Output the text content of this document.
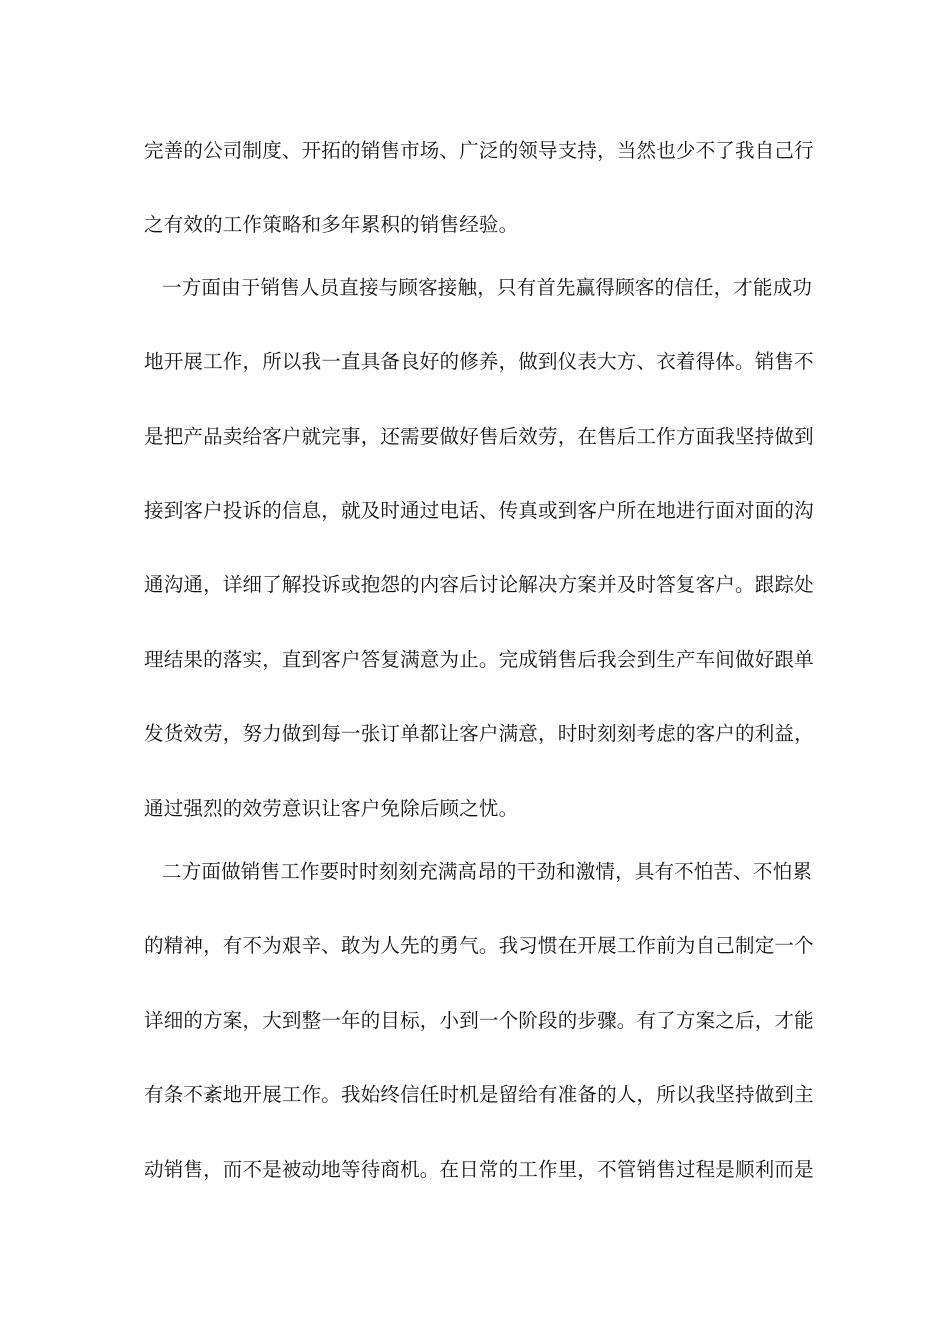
完善的公司制度、开拓的销售市场、广泛的领导支持，当然也少不了我自己行
之有效的工作策略和多年累积的销售经验。
一方面由于销售人员直接与顾客接触，只有首先赢得顾客的信任，才能成功
地开展工作，所以我一直具备良好的修养，做到仪表大方、衣着得体。销售不
是把产品卖给客户就完事，还需要做好售后效劳，在售后工作方面我坚持做到
接到客户投诉的信息，就及时通过电话、传真或到客户所在地进行面对面的沟
通沟通，详细了解投诉或抱怨的内容后讨论解决方案并及时答复客户。跟踪处
理结果的落实，直到客户答复满意为止。完成销售后我会到生产车间做好跟单
发货效劳，努力做到每一张订单都让客户满意，时时刻刻考虑的客户的利益，
通过强烈的效劳意识让客户免除后顾之忧。
二方面做销售工作要时时刻刻充满高昂的干劲和激情，具有不怕苦、不怕累
的精神，有不为艰辛、敢为人先的勇气。我习惯在开展工作前为自己制定一个
详细的方案，大到整一年的目标，小到一个阶段的步骤。有了方案之后，才能
有条不紊地开展工作。我始终信任时机是留给有准备的人，所以我坚持做到主
动销售，而不是被动地等待商机。在日常的工作里，不管销售过程是顺利而是
